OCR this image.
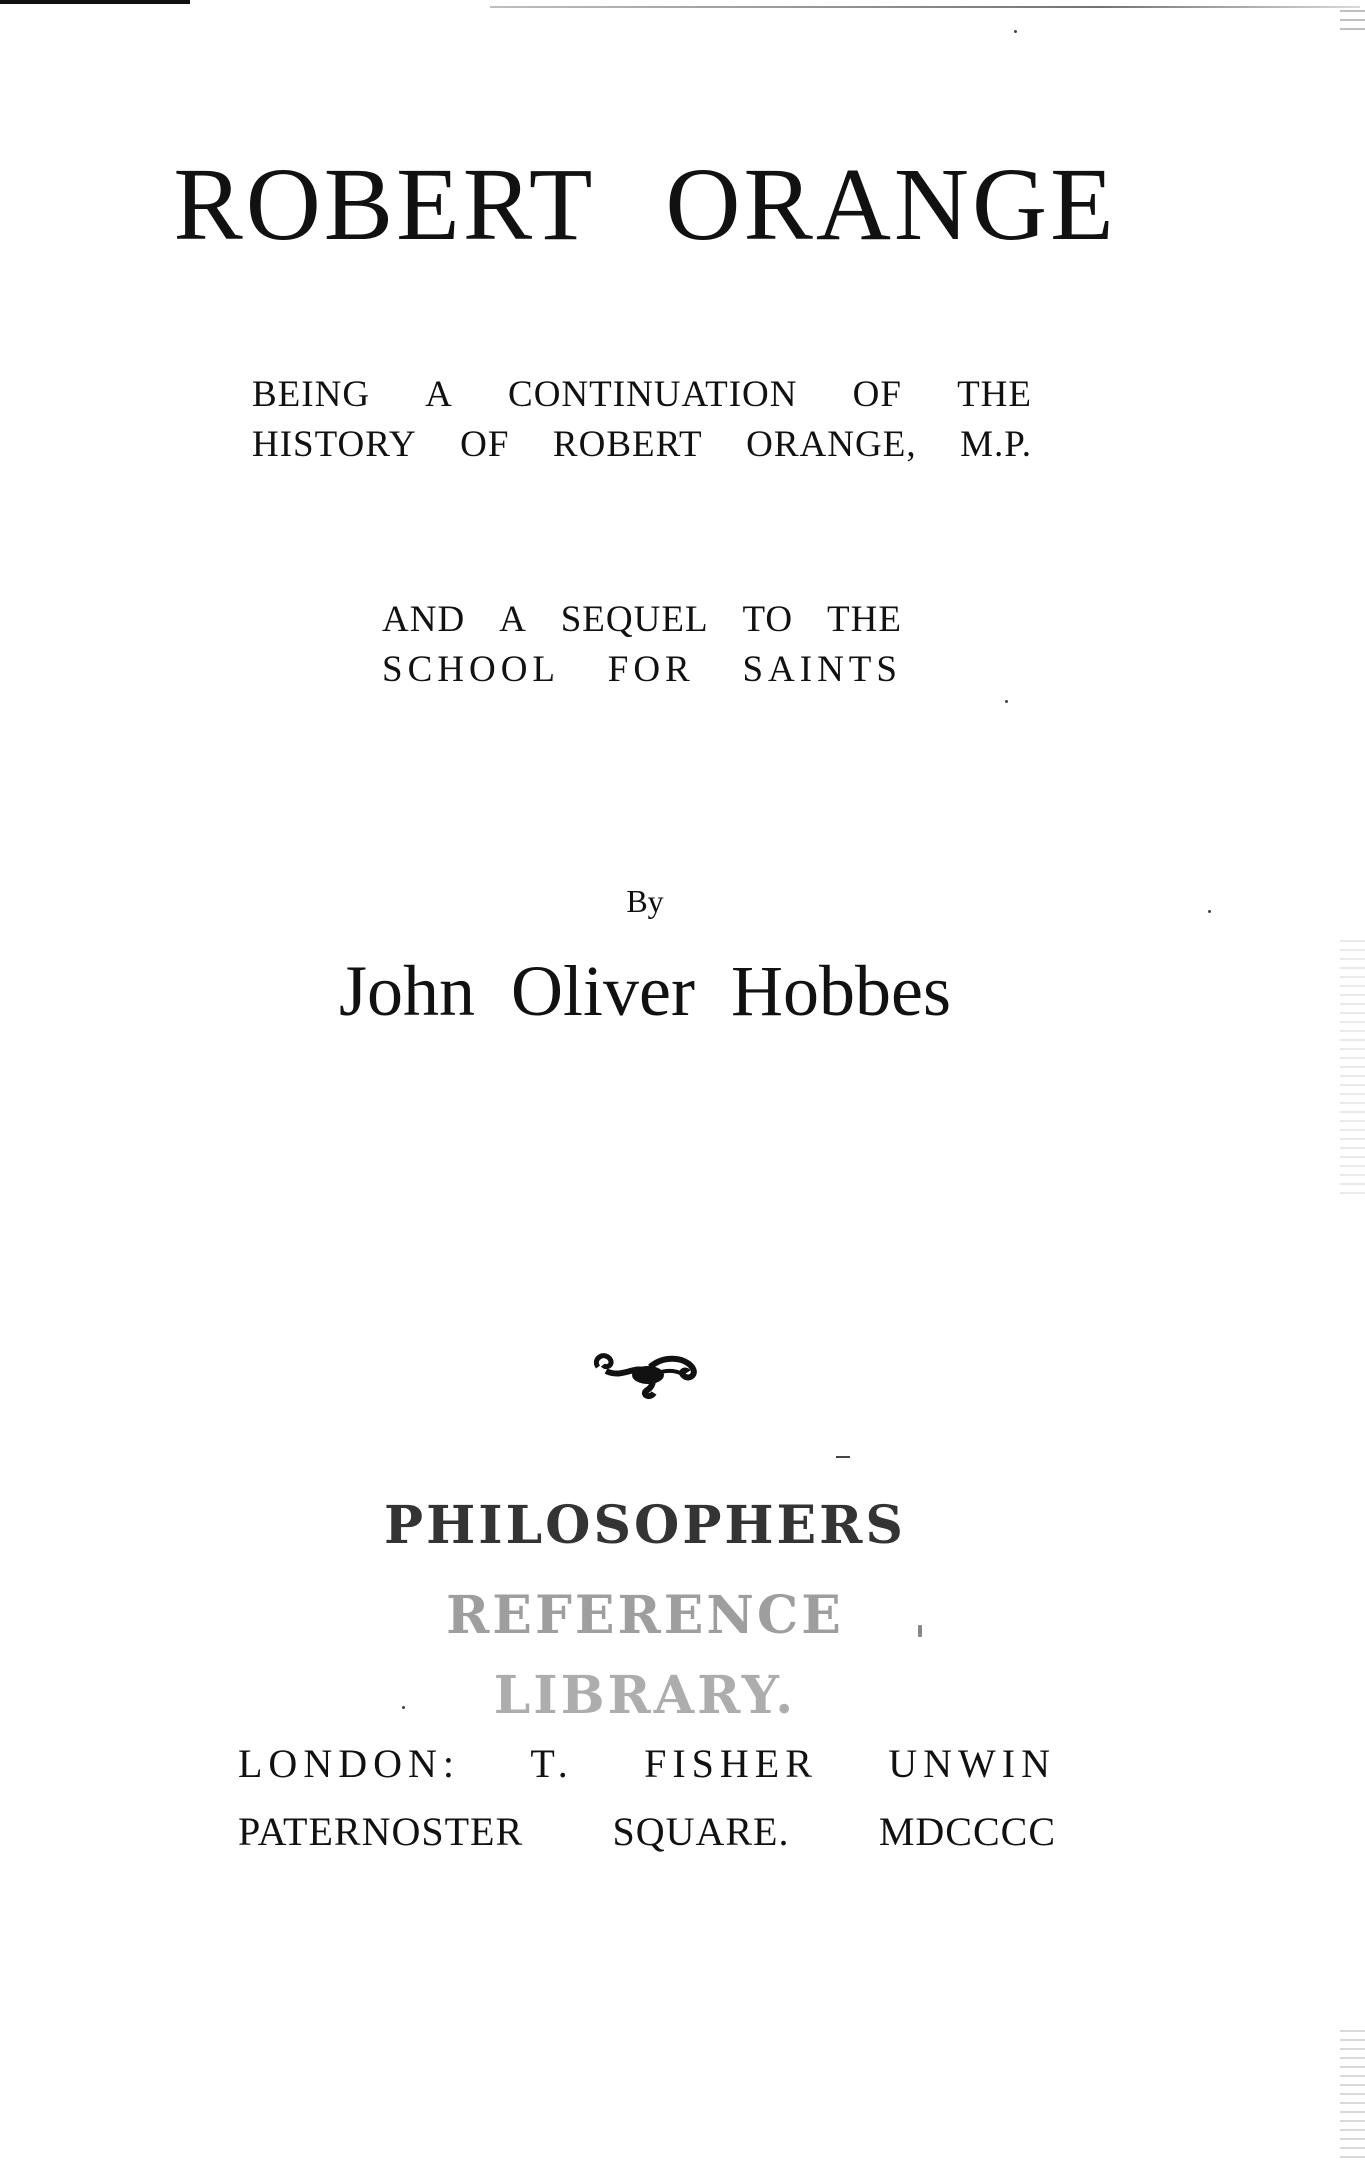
ROBERT ORANGE
BEING A CONTINUATION OF THE
HISTORY OF ROBERT ORANGE, M.P.
AND A SEQUEL TO THE
SCHOOL FOR SAINTS
By
John Oliver Hobbes
PHILOSOPHERS
REFERENCE
LIBRARY.
LONDON: T. FISHER UNWIN
PATERNOSTER SQUARE. MDCCCC
